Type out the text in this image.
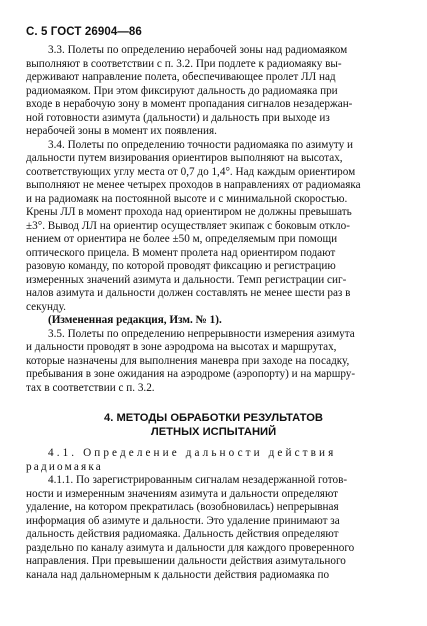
С. 5 ГОСТ 26904—86

3.3. Полеты по определению нерабочей зоны над радиомаяком
выполняют в соответствии с п. 3.2. При подлете к радиомаяку вы-
держивают направление полета, обеспечивающее пролет ЛЛ над
радиомаяком. При этом фиксируют дальность до радиомаяка при
входе в нерабочую зону в момент пропадания сигналов незадержан-
ной готовности азимута (дальности) и дальность при выходе из
нерабочей зоны в момент их появления.

3.4. Полеты по определению точности радиомаяка по азимуту и
дальности путем визирования ориентиров выполняют на высотах,
соответствующих углу места от 0,7 до 1,4°. Над каждым ориентиром
выполняют не менее четырех проходов в направлениях от радиомаяка
и на радиомаяк на постоянной высоте и с минимальной скоростью.
Крены ЛЛ в момент прохода над ориентиром не должны превышать
±3°. Вывод ЛЛ на ориентир осуществляет экипаж с боковым откло-
нением от ориентира не более ±50 м, определяемым при помощи
оптического прицела. В момент пролета над ориентиром подают
разовую команду, по которой проводят фиксацию и регистрацию
измеренных значений азимута и дальности. Темп регистрации сиг-
налов азимута и дальности должен составлять не менее шести раз в
секунду.

(Измененная редакция, Изм. № 1).

3.5. Полеты по определению непрерывности измерения азимута
и дальности проводят в зоне аэродрома на высотах и маршрутах,
которые назначены для выполнения маневра при заходе на посадку,
пребывания в зоне ожидания на аэродроме (аэропорту) и на маршру-
тах в соответствии с п. 3.2.

4. МЕТОДЫ ОБРАБОТКИ РЕЗУЛЬТАТОВ
ЛЕТНЫХ ИСПЫТАНИЙ

4.1. Определение дальности действия

радиомаяка

4.1.1. По зарегистрированным сигналам незадержанной готов-
ности и измеренным значениям азимута и дальности определяют
удаление, на котором прекратилась (возобновилась) непрерывная
информация об азимуте и дальности. Это удаление принимают за
дальность действия радиомаяка. Дальность действия определяют
раздельно по каналу азимута и дальности для каждого проверенного
направления. При превышении дальности действия азимутального
канала над дальномерным к дальности действия радиомаяка по
